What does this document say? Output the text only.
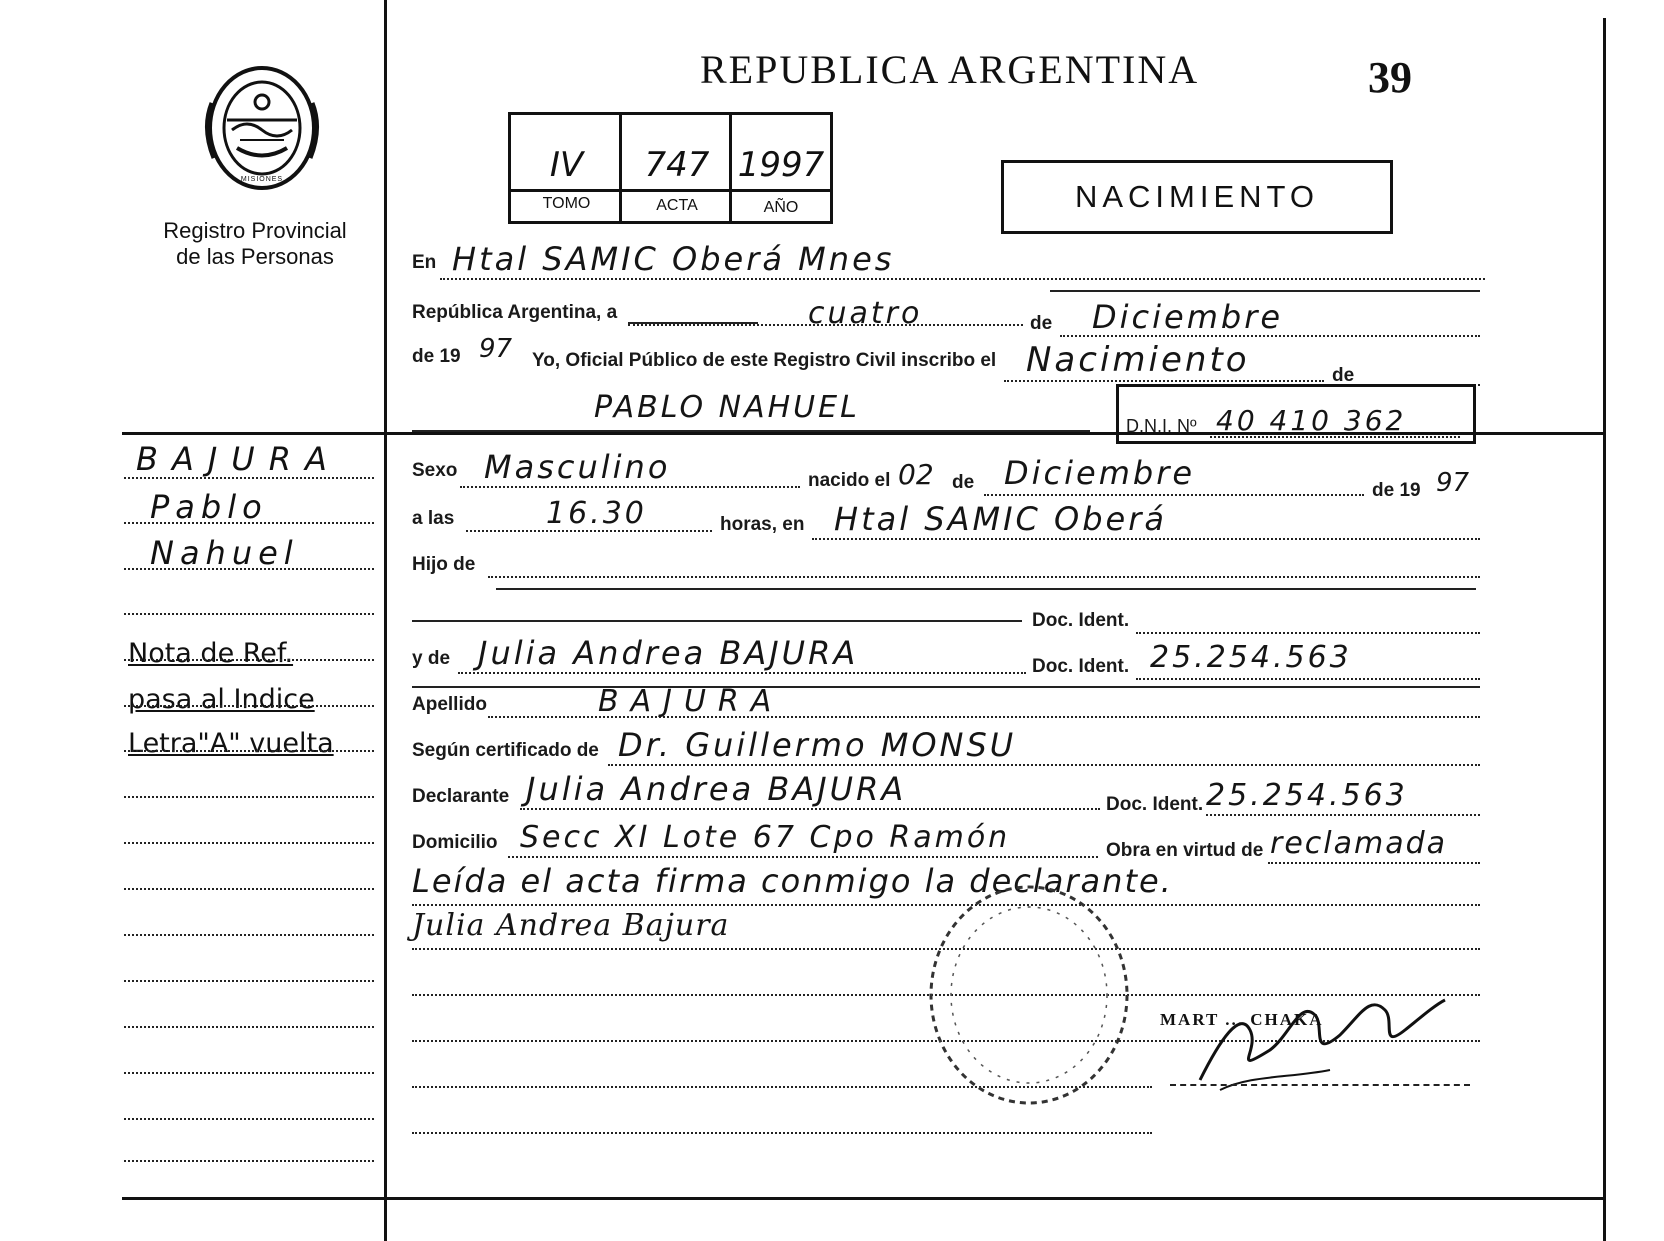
MISIONES
Registro Provincial
de las Personas
REPUBLICA ARGENTINA	39
IV	747 1997
TOMO	ACTA	AÑO	NACIMIENTO
BAJURA
Pablo
Nahuel
Nota de Ref.
pasa al Indice
Letra"A" vuelta
En Htal SAMIC Oberá Mnes
República Argentina, a	cuatro	de Diciembre
de 19 97 Yo, Oficial Público de este Registro Civil inscribo el Nacimiento	de
PABLO NAHUEL
D.N.I. Nº 40 410 362
Sexo Masculino	nacido el 02 de Diciembre	de 19 97
a las	16.30	horas, en Htal SAMIC Oberá
Hijo de
Doc. Ident.
y de Julia Andrea BAJURA	Doc. Ident. 25.254.563
Apellido	BAJURA
Según certificado de Dr. Guillermo MONSU
Declarante Julia Andrea BAJURA	Doc. Ident. 25.254.563
Domicilio Secc XI Lote 67 Cpo Ramón	Obra en virtud de reclamada
Leída el acta firma conmigo la declarante.
Julia Andrea Bajura
MART ... CHAKA
